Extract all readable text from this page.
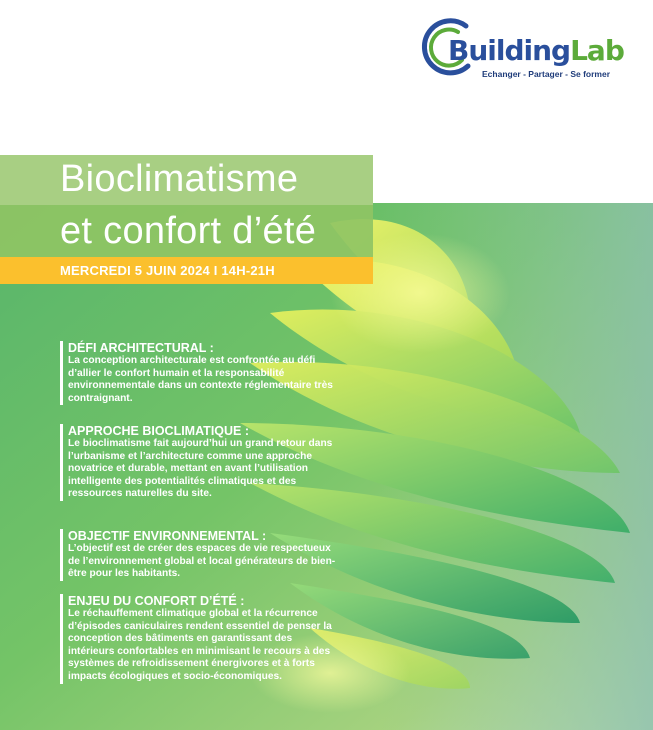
BuildingLab
Echanger - Partager - Se former
Bioclimatisme
et confort d’été
MERCREDI 5 JUIN 2024 I 14H-21H
DÉFI ARCHITECTURAL :

La conception architecturale est confrontée au défi d’allier le confort humain et la responsabilité environnementale dans un contexte réglementaire très contraignant.

APPROCHE BIOCLIMATIQUE :

Le bioclimatisme fait aujourd’hui un grand retour dans l’urbanisme et l’architecture comme une approche novatrice et durable, mettant en avant l’utilisation intelligente des potentialités climatiques et des ressources naturelles du site.

OBJECTIF ENVIRONNEMENTAL :

L’objectif est de créer des espaces de vie respectueux de l’environnement global et local générateurs de bien-être pour les habitants.

ENJEU DU CONFORT D’ÉTÉ :

Le réchauffement climatique global et la récurrence d’épisodes caniculaires rendent essentiel de penser la conception des bâtiments en garantissant des intérieurs confortables en minimisant le recours à des systèmes de refroidissement énergivores et à forts impacts écologiques et socio-économiques.
